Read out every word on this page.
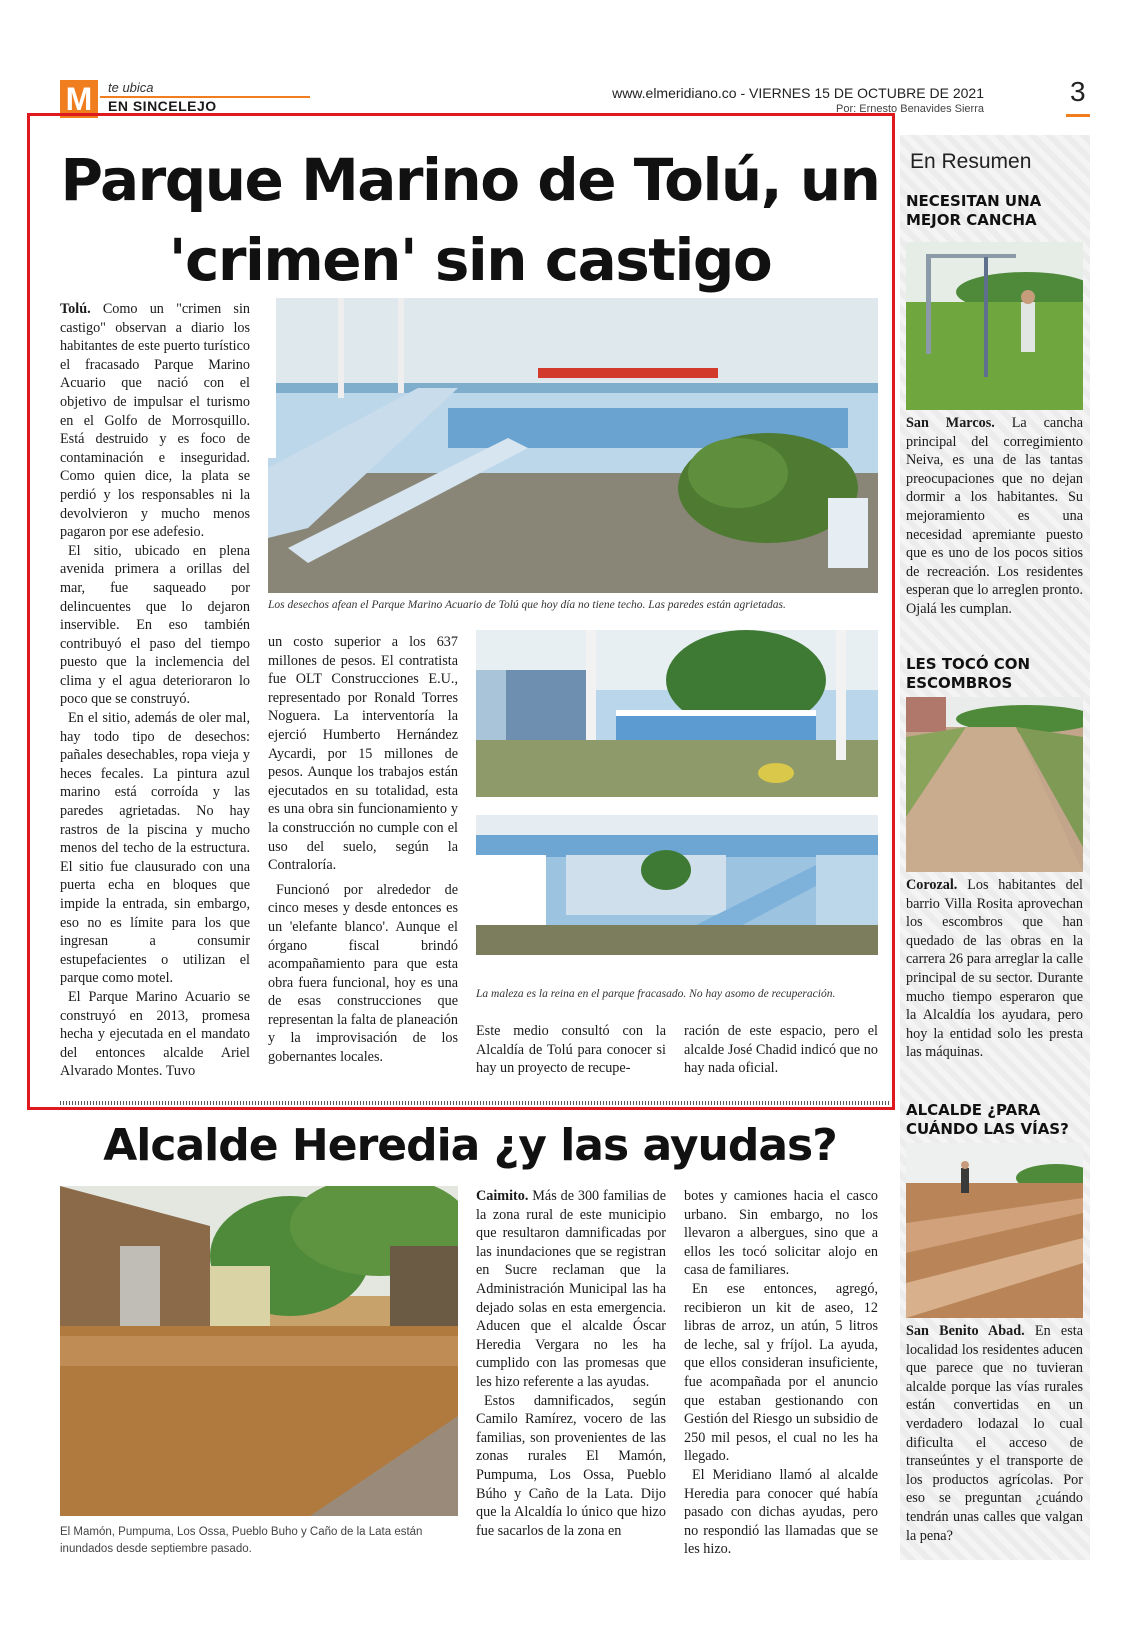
M	te ubica
EN SINCELEJO
www.elmeridiano.co - VIERNES 15 DE OCTUBRE DE 2021
Por: Ernesto Benavides Sierra
3
Parque Marino de Tolú, un 'crimen' sin castigo

Tolú. Como un "crimen sin castigo" observan a diario los habitantes de este puerto turístico el fracasado Parque Marino Acuario que nació con el objetivo de impulsar el turismo en el Golfo de Morrosquillo. Está destruido y es foco de contaminación e inseguridad. Como quien dice, la plata se perdió y los responsables ni la devolvieron y mucho menos pagaron por ese adefesio.

El sitio, ubicado en plena avenida primera a orillas del mar, fue saqueado por delincuentes que lo dejaron inservible. En eso también contribuyó el paso del tiempo puesto que la inclemencia del clima y el agua deterioraron lo poco que se construyó.

En el sitio, además de oler mal, hay todo tipo de desechos: pañales desechables, ropa vieja y heces fecales. La pintura azul marino está corroída y las paredes agrietadas. No hay rastros de la piscina y mucho menos del techo de la estructura. El sitio fue clausurado con una puerta echa en bloques que impide la entrada, sin embargo, eso no es límite para los que ingresan a consumir estupefacientes o utilizan el parque como motel.

El Parque Marino Acuario se construyó en 2013, promesa hecha y ejecutada en el mandato del entonces alcalde Ariel Alvarado Montes. Tuvo

Los desechos afean el Parque Marino Acuario de Tolú que hoy día no tiene techo. Las paredes están agrietadas.

un costo superior a los 637 millones de pesos. El contratista fue OLT Construcciones E.U., representado por Ronald Torres Noguera. La interventoría la ejerció Humberto Hernández Aycardi, por 15 millones de pesos. Aunque los trabajos están ejecutados en su totalidad, esta es una obra sin funcionamiento y la construcción no cumple con el uso del suelo, según la Contraloría.

Funcionó por alrededor de cinco meses y desde entonces es un 'elefante blanco'. Aunque el órgano fiscal brindó acompañamiento para que esta obra fuera funcional, hoy es una de esas construcciones que representan la falta de planeación y la improvisación de los gobernantes locales.

La maleza es la reina en el parque fracasado. No hay asomo de recuperación.

Este medio consultó con la Alcaldía de Tolú para conocer si hay un proyecto de recupe-

ración de este espacio, pero el alcalde José Chadid indicó que no hay nada oficial.

Alcalde Heredia ¿y las ayudas?
El Mamón, Pumpuma, Los Ossa, Pueblo Buho y Caño de la Lata están inundados desde septiembre pasado.

Caimito. Más de 300 familias de la zona rural de este municipio que resultaron damnificadas por las inundaciones que se registran en Sucre reclaman que la Administración Municipal las ha dejado solas en esta emergencia. Aducen que el alcalde Óscar Heredia Vergara no les ha cumplido con las promesas que les hizo referente a las ayudas.

Estos damnificados, según Camilo Ramírez, vocero de las familias, son provenientes de las zonas rurales El Mamón, Pumpuma, Los Ossa, Pueblo Búho y Caño de la Lata. Dijo que la Alcaldía lo único que hizo fue sacarlos de la zona en

botes y camiones hacia el casco urbano. Sin embargo, no los llevaron a albergues, sino que a ellos les tocó solicitar alojo en casa de familiares.

En ese entonces, agregó, recibieron un kit de aseo, 12 libras de arroz, un atún, 5 litros de leche, sal y fríjol. La ayuda, que ellos consideran insuficiente, fue acompañada por el anuncio que estaban gestionando con Gestión del Riesgo un subsidio de 250 mil pesos, el cual no les ha llegado.

El Meridiano llamó al alcalde Heredia para conocer qué había pasado con dichas ayudas, pero no respondió las llamadas que se les hizo.

En Resumen
NECESITAN UNA
MEJOR CANCHA
San Marcos. La cancha principal del corregimiento Neiva, es una de las tantas preocupaciones que no dejan dormir a los habitantes. Su mejoramiento es una necesidad apremiante puesto que es uno de los pocos sitios de recreación. Los residentes esperan que lo arreglen pronto. Ojalá les cumplan.
LES TOCÓ CON
ESCOMBROS
Corozal. Los habitantes del barrio Villa Rosita aprovechan los escombros que han quedado de las obras en la carrera 26 para arreglar la calle principal de su sector. Durante mucho tiempo esperaron que la Alcaldía los ayudara, pero hoy la entidad solo les presta las máquinas.
ALCALDE ¿PARA
CUÁNDO LAS VÍAS?
San Benito Abad. En esta localidad los residentes aducen que parece que no tuvieran alcalde porque las vías rurales están convertidas en un verdadero lodazal lo cual dificulta el acceso de transeúntes y el transporte de los productos agrícolas. Por eso se preguntan ¿cuándo tendrán unas calles que valgan la pena?
